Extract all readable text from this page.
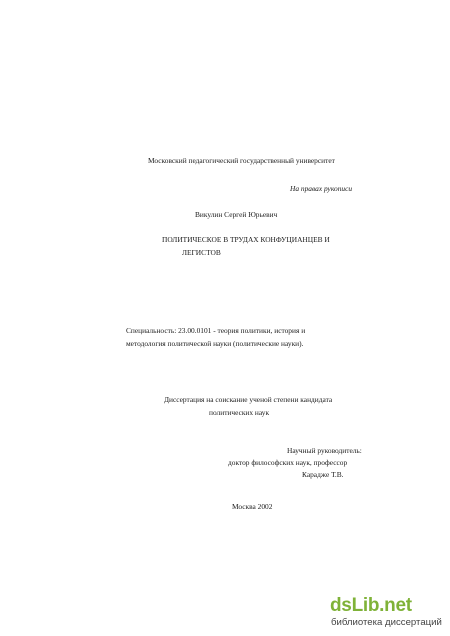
Московский педагогический государственный университет
На правах рукописи
Викулин Сергей Юрьевич
ПОЛИТИЧЕСКОЕ В ТРУДАХ КОНФУЦИАНЦЕВ И
ЛЕГИСТОВ
Специальность: 23.00.0101 - теория политики, история и
методология политической науки (политические науки).
Диссертация на соискание ученой степени кандидата
политических наук
Научный руководитель:
доктор философских наук, профессор
Караджe Т.В.
Москва 2002
dsLib.net
библиотека диссертаций
